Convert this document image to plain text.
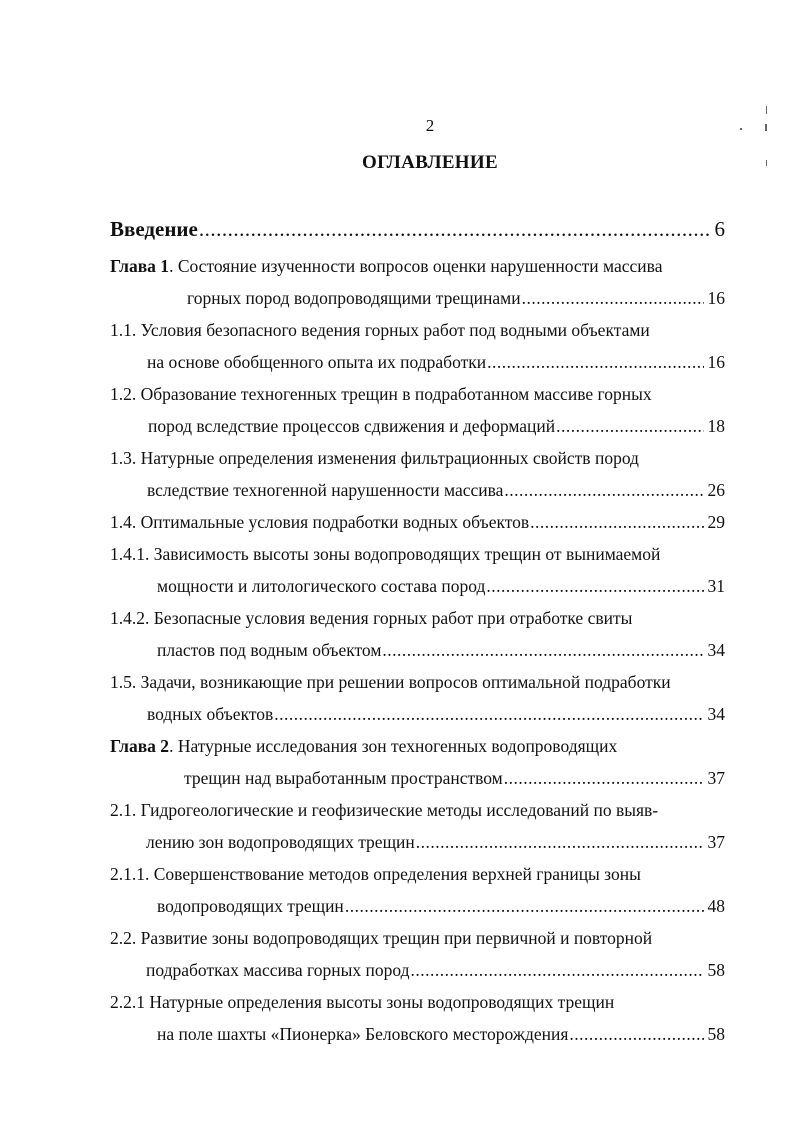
2
ОГЛАВЛЕНИЕ
Введение .....	6
Глава 1. Состояние изученности вопросов оценки нарушенности массива
горных пород водопроводящими трещинами .....	16
1.1. Условия безопасного ведения горных работ под водными объектами
на основе обобщенного опыта их подработки .....	16
1.2. Образование техногенных трещин в подработанном массиве горных
пород вследствие процессов сдвижения и деформаций .....	18
1.3. Натурные определения изменения фильтрационных свойств пород
вследствие техногенной нарушенности массива .....	26
1.4. Оптимальные условия подработки водных объектов .....	29
1.4.1. Зависимость высоты зоны водопроводящих трещин от вынимаемой
мощности и литологического состава пород .....	31
1.4.2. Безопасные условия ведения горных работ при отработке свиты
пластов под водным объектом .....	34
1.5. Задачи, возникающие при решении вопросов оптимальной подработки
водных объектов .....	34
Глава 2. Натурные исследования зон техногенных водопроводящих
трещин над выработанным пространством .....	37
2.1. Гидрогеологические и геофизические методы исследований по выяв-
лению зон водопроводящих трещин .....	37
2.1.1. Совершенствование методов определения верхней границы зоны
водопроводящих трещин .....	48
2.2. Развитие зоны водопроводящих трещин при первичной и повторной
подработках массива горных пород .....	58
2.2.1 Натурные определения высоты зоны водопроводящих трещин
на поле шахты «Пионерка» Беловского месторождения .....	58
